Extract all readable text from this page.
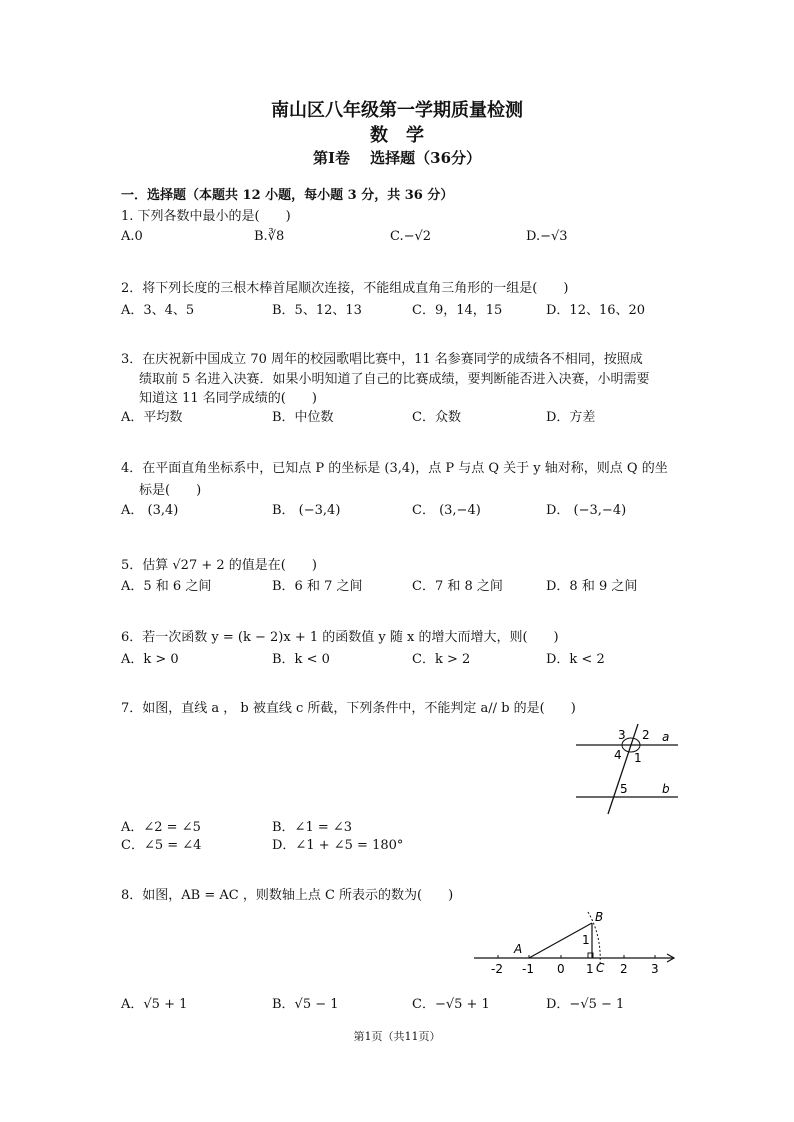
南山区八年级第一学期质量检测
数　学
第Ⅰ卷　 选择题（36分）
一．选择题（本题共 12 小题，每小题 3 分，共 36 分）
1. 下列各数中最小的是(　　)
A.0	B.∛8	C.−√2	D.−√3
2．将下列长度的三根木棒首尾顺次连接，不能组成直角三角形的一组是(　　)
A．3、4、5	B．5、12、13	C．9，14，15	D．12、16、20
3．在庆祝新中国成立 70 周年的校园歌唱比赛中，11 名参赛同学的成绩各不相同，按照成
绩取前 5 名进入决赛．如果小明知道了自己的比赛成绩，要判断能否进入决赛，小明需要
知道这 11 名同学成绩的(　　)
A．平均数	B．中位数	C．众数	D．方差
4．在平面直角坐标系中，已知点 P 的坐标是 (3,4)，点 P 与点 Q 关于 y 轴对称，则点 Q 的坐
标是(　　)
A． (3,4)	B． (−3,4)	C． (3,−4)	D． (−3,−4)
5．估算 √27 + 2 的值是在(　　)
A．5 和 6 之间	B．6 和 7 之间	C．7 和 8 之间	D．8 和 9 之间
6．若一次函数 y = (k − 2)x + 1 的函数值 y 随 x 的增大而增大，则(　　)
A．k > 0	B．k < 0	C．k > 2	D．k < 2
7．如图，直线 a ， b 被直线 c 所截，下列条件中，不能判定 a// b 的是(　　)
3 2
4 1
5
a
b
A．∠2 = ∠5	B．∠1 = ∠3
C．∠5 = ∠4	D．∠1 + ∠5 = 180°
8．如图，AB = AC ，则数轴上点 C 所表示的数为(　　)
A
B
C
1
-2 -1 0 1 2 3
A．√5 + 1	B．√5 − 1	C．−√5 + 1	D．−√5 − 1
第1页（共11页）
